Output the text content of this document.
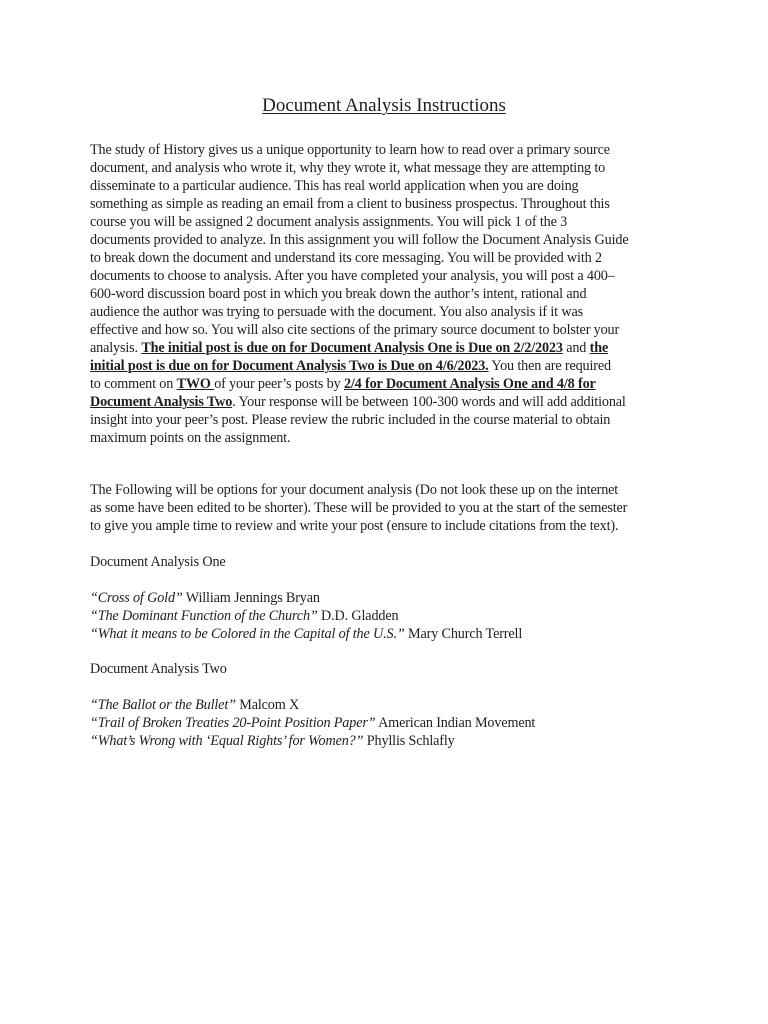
Document Analysis Instructions
The study of History gives us a unique opportunity to learn how to read over a primary source
document, and analysis who wrote it, why they wrote it, what message they are attempting to
disseminate to a particular audience. This has real world application when you are doing
something as simple as reading an email from a client to business prospectus. Throughout this
course you will be assigned 2 document analysis assignments. You will pick 1 of the 3
documents provided to analyze. In this assignment you will follow the Document Analysis Guide
to break down the document and understand its core messaging. You will be provided with 2
documents to choose to analysis. After you have completed your analysis, you will post a 400–
600-word discussion board post in which you break down the author’s intent, rational and
audience the author was trying to persuade with the document. You also analysis if it was
effective and how so. You will also cite sections of the primary source document to bolster your
analysis. The initial post is due on for Document Analysis One is Due on 2/2/2023 and the
initial post is due on for Document Analysis Two is Due on 4/6/2023. You then are required
to comment on TWO of your peer’s posts by 2/4 for Document Analysis One and 4/8 for
Document Analysis Two. Your response will be between 100-300 words and will add additional
insight into your peer’s post. Please review the rubric included in the course material to obtain
maximum points on the assignment.
The Following will be options for your document analysis (Do not look these up on the internet
as some have been edited to be shorter). These will be provided to you at the start of the semester
to give you ample time to review and write your post (ensure to include citations from the text).
Document Analysis One
“Cross of Gold” William Jennings Bryan
“The Dominant Function of the Church” D.D. Gladden
“What it means to be Colored in the Capital of the U.S.” Mary Church Terrell
Document Analysis Two
“The Ballot or the Bullet” Malcom X
“Trail of Broken Treaties 20-Point Position Paper” American Indian Movement
“What’s Wrong with ‘Equal Rights’ for Women?” Phyllis Schlafly
